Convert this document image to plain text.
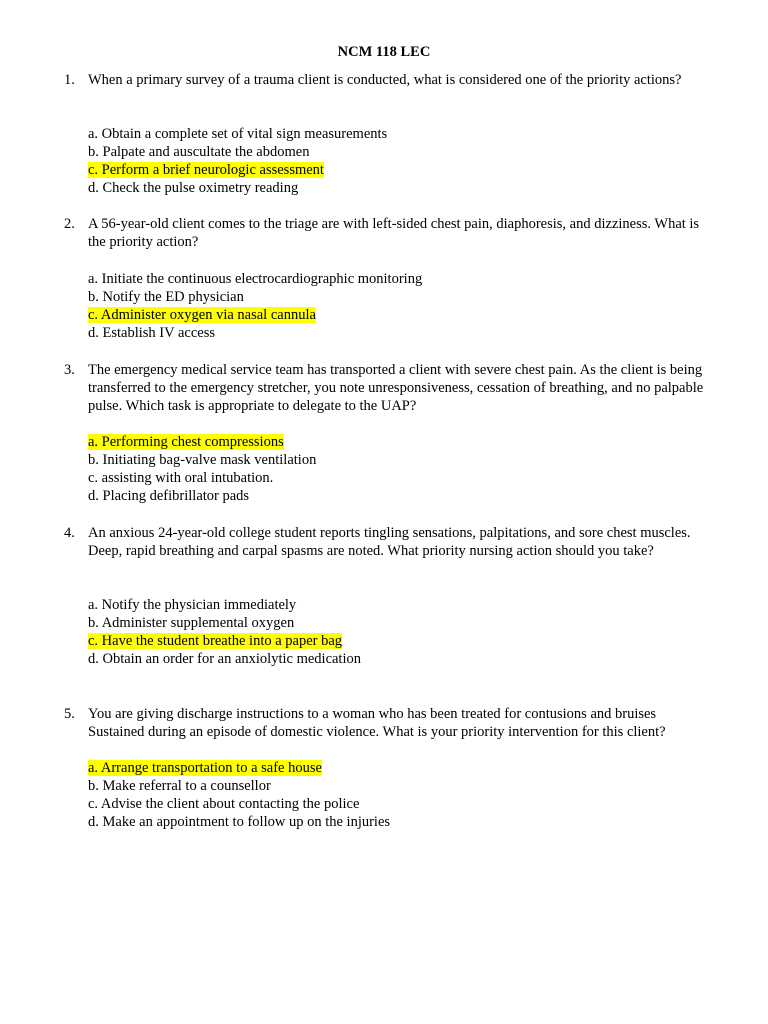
NCM 118 LEC
1. When a primary survey of a trauma client is conducted, what is considered one of the priority actions?
a. Obtain a complete set of vital sign measurements
b. Palpate and auscultate the abdomen
c. Perform a brief neurologic assessment
d. Check the pulse oximetry reading
2. A 56-year-old client comes to the triage are with left-sided chest pain, diaphoresis, and dizziness. What is the priority action?
a. Initiate the continuous electrocardiographic monitoring
b. Notify the ED physician
c. Administer oxygen via nasal cannula
d. Establish IV access
3. The emergency medical service team has transported a client with severe chest pain. As the client is being transferred to the emergency stretcher, you note unresponsiveness, cessation of breathing, and no palpable pulse. Which task is appropriate to delegate to the UAP?
a. Performing chest compressions
b. Initiating bag-valve mask ventilation
c. assisting with oral intubation.
d. Placing defibrillator pads
4. An anxious 24-year-old college student reports tingling sensations, palpitations, and sore chest muscles. Deep, rapid breathing and carpal spasms are noted. What priority nursing action should you take?
a. Notify the physician immediately
b. Administer supplemental oxygen
c. Have the student breathe into a paper bag
d. Obtain an order for an anxiolytic medication
5. You are giving discharge instructions to a woman who has been treated for contusions and bruises Sustained during an episode of domestic violence. What is your priority intervention for this client?
a. Arrange transportation to a safe house
b. Make referral to a counsellor
c. Advise the client about contacting the police
d. Make an appointment to follow up on the injuries
